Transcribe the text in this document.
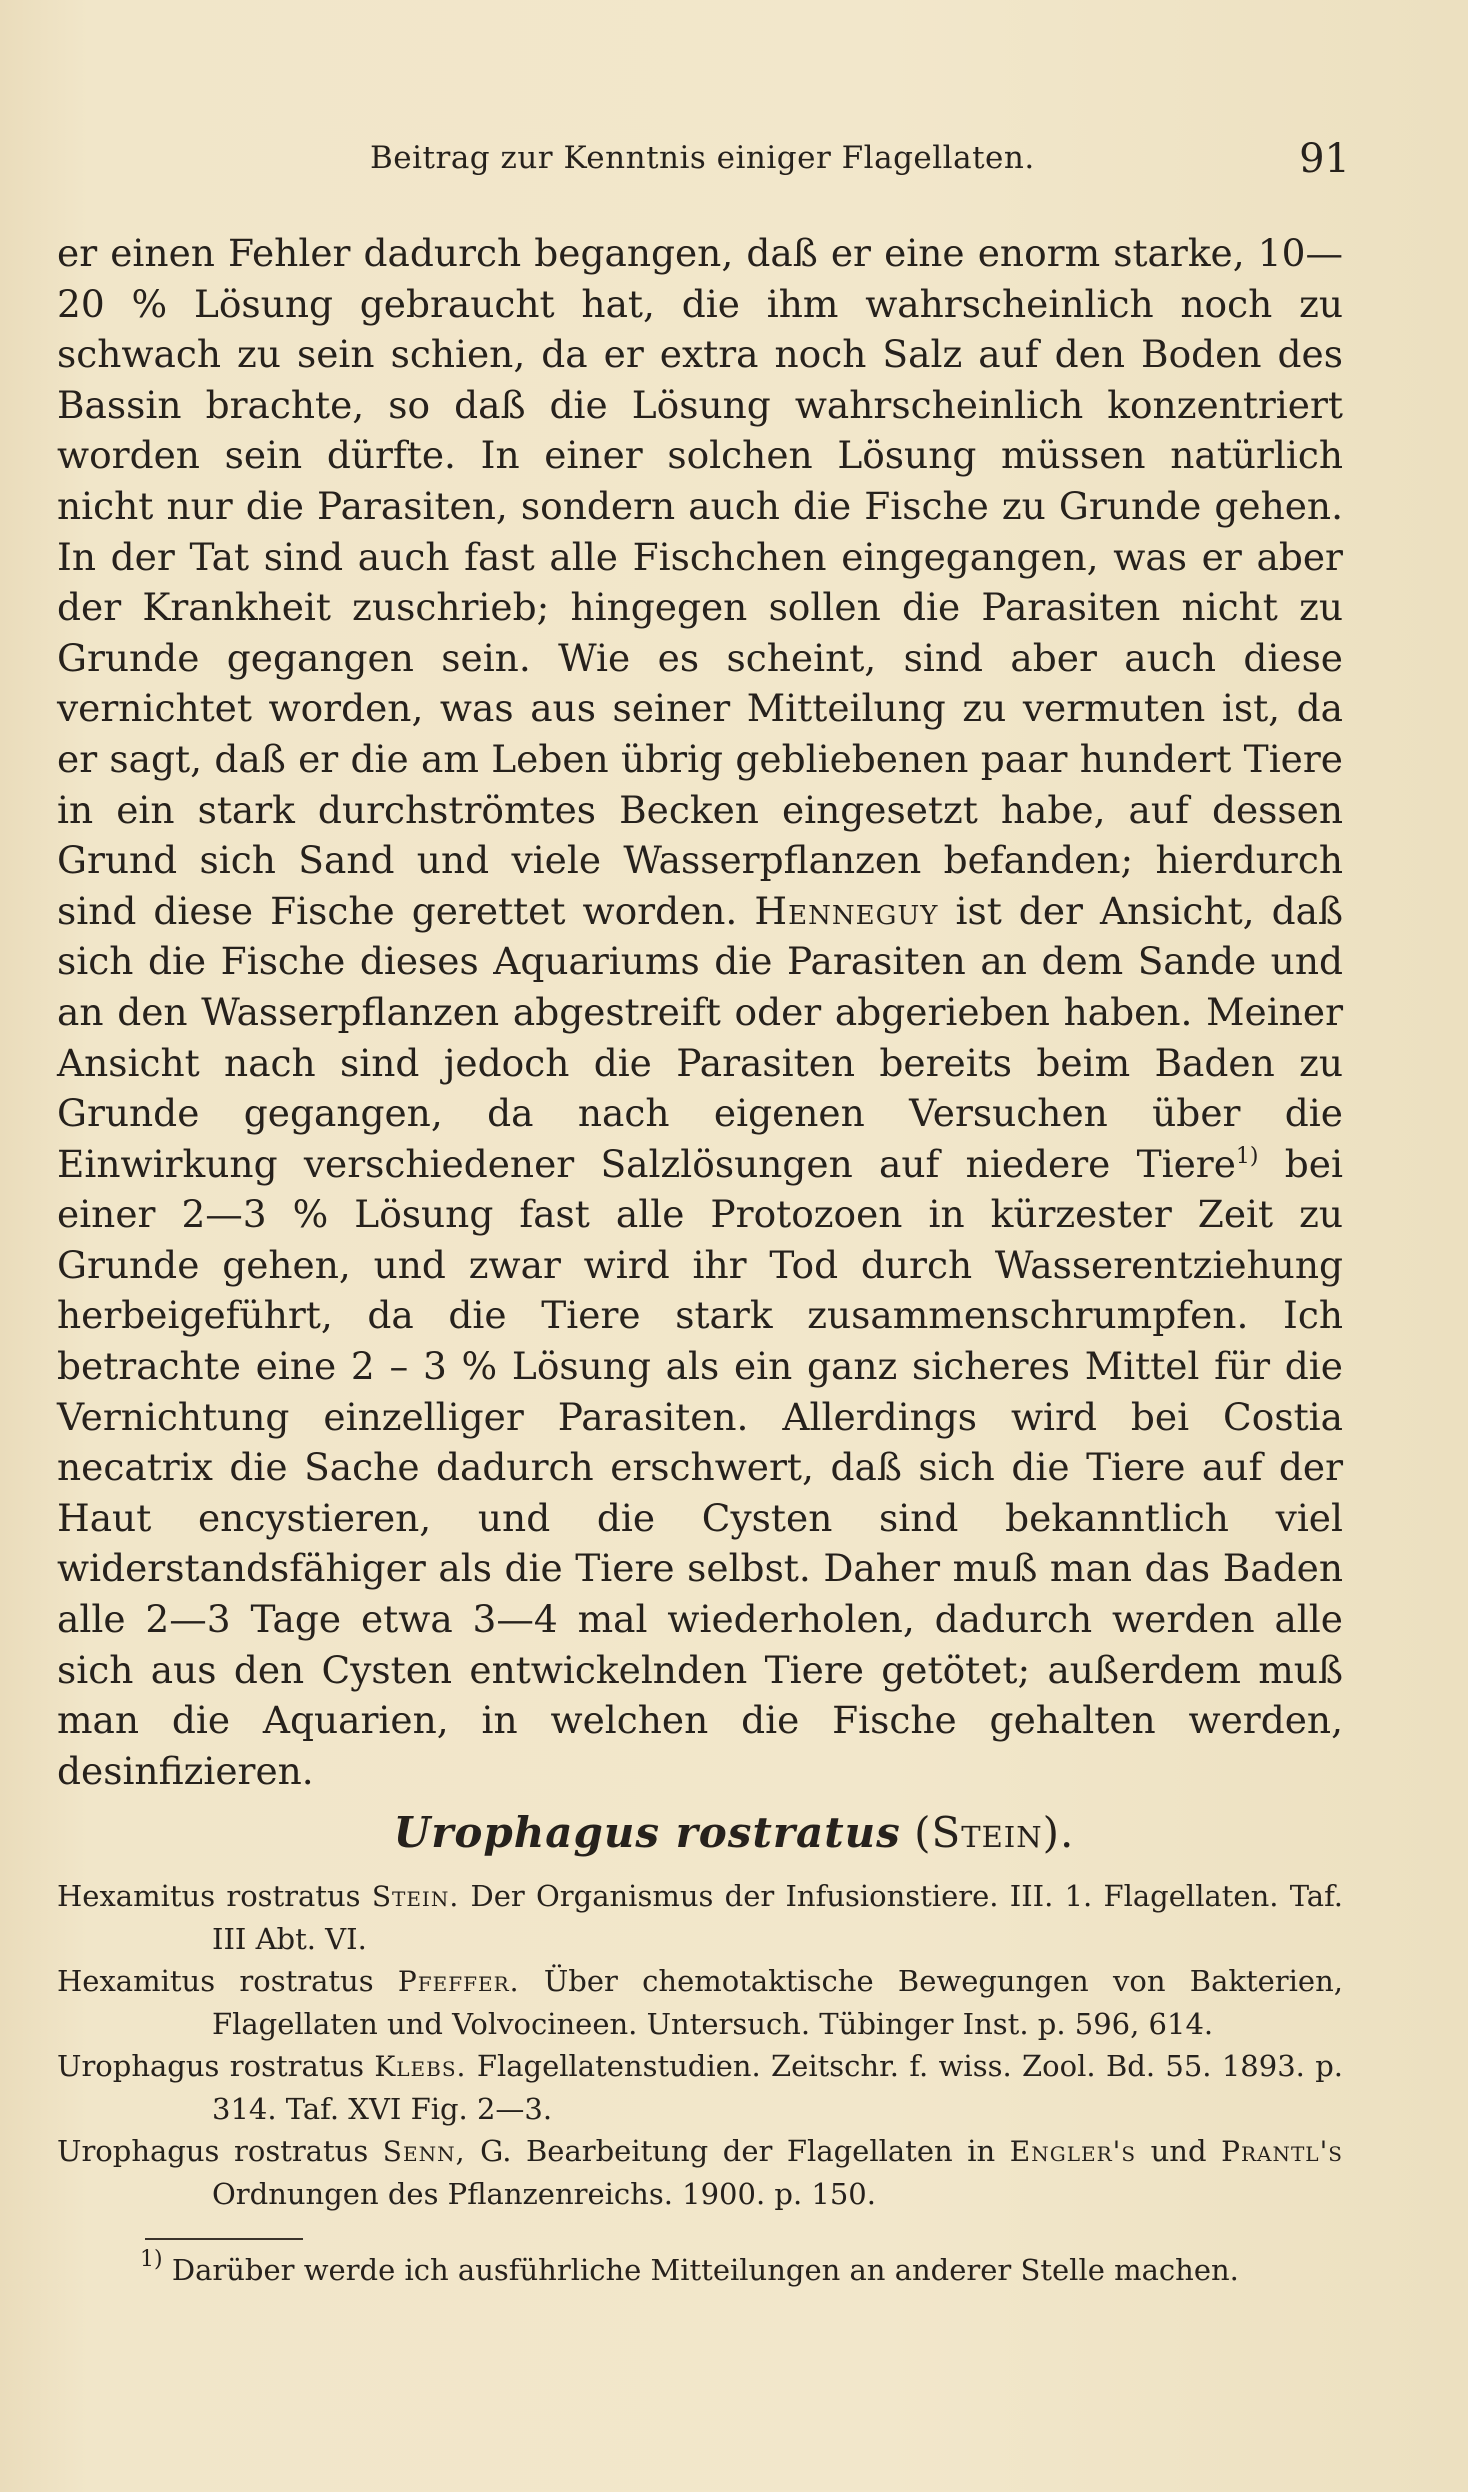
Beitrag zur Kenntnis einiger Flagellaten.	91

er einen Fehler dadurch begangen, daß er eine enorm starke, 10—20 % Lösung gebraucht hat, die ihm wahrscheinlich noch zu schwach zu sein schien, da er extra noch Salz auf den Boden des Bassin brachte, so daß die Lösung wahrscheinlich konzentriert worden sein dürfte. In einer solchen Lösung müssen natürlich nicht nur die Parasiten, sondern auch die Fische zu Grunde gehen. In der Tat sind auch fast alle Fischchen eingegangen, was er aber der Krankheit zuschrieb; hingegen sollen die Parasiten nicht zu Grunde gegangen sein. Wie es scheint, sind aber auch diese vernichtet worden, was aus seiner Mitteilung zu vermuten ist, da er sagt, daß er die am Leben übrig gebliebenen paar hundert Tiere in ein stark durchströmtes Becken eingesetzt habe, auf dessen Grund sich Sand und viele Wasserpflanzen befanden; hierdurch sind diese Fische gerettet worden. Henneguy ist der Ansicht, daß sich die Fische dieses Aquariums die Parasiten an dem Sande und an den Wasserpflanzen abgestreift oder abgerieben haben. Meiner Ansicht nach sind jedoch die Parasiten bereits beim Baden zu Grunde gegangen, da nach eigenen Versuchen über die Einwirkung verschiedener Salzlösungen auf niedere Tiere$^{1)}$ bei einer 2—3 % Lösung fast alle Protozoen in kürzester Zeit zu Grunde gehen, und zwar wird ihr Tod durch Wasserentziehung herbeigeführt, da die Tiere stark zusammenschrumpfen. Ich betrachte eine 2 – 3 % Lösung als ein ganz sicheres Mittel für die Vernichtung einzelliger Parasiten. Allerdings wird bei Costia necatrix die Sache dadurch erschwert, daß sich die Tiere auf der Haut encystieren, und die Cysten sind bekanntlich viel widerstandsfähiger als die Tiere selbst. Daher muß man das Baden alle 2—3 Tage etwa 3—4 mal wiederholen, dadurch werden alle sich aus den Cysten entwickelnden Tiere getötet; außerdem muß man die Aquarien, in welchen die Fische gehalten werden, desinfizieren.

Urophagus rostratus (Stein).
Hexamitus rostratus Stein. Der Organismus der Infusionstiere. III. 1. Flagellaten. Taf. III Abt. VI.
Hexamitus rostratus Pfeffer. Über chemotaktische Bewegungen von Bakterien, Flagellaten und Volvocineen. Untersuch. Tübinger Inst. p. 596, 614.
Urophagus rostratus Klebs. Flagellatenstudien. Zeitschr. f. wiss. Zool. Bd. 55. 1893. p. 314. Taf. XVI Fig. 2—3.
Urophagus rostratus Senn, G. Bearbeitung der Flagellaten in Engler's und Prantl's Ordnungen des Pflanzenreichs. 1900. p. 150.
$^{1)}$ Darüber werde ich ausführliche Mitteilungen an anderer Stelle machen.
